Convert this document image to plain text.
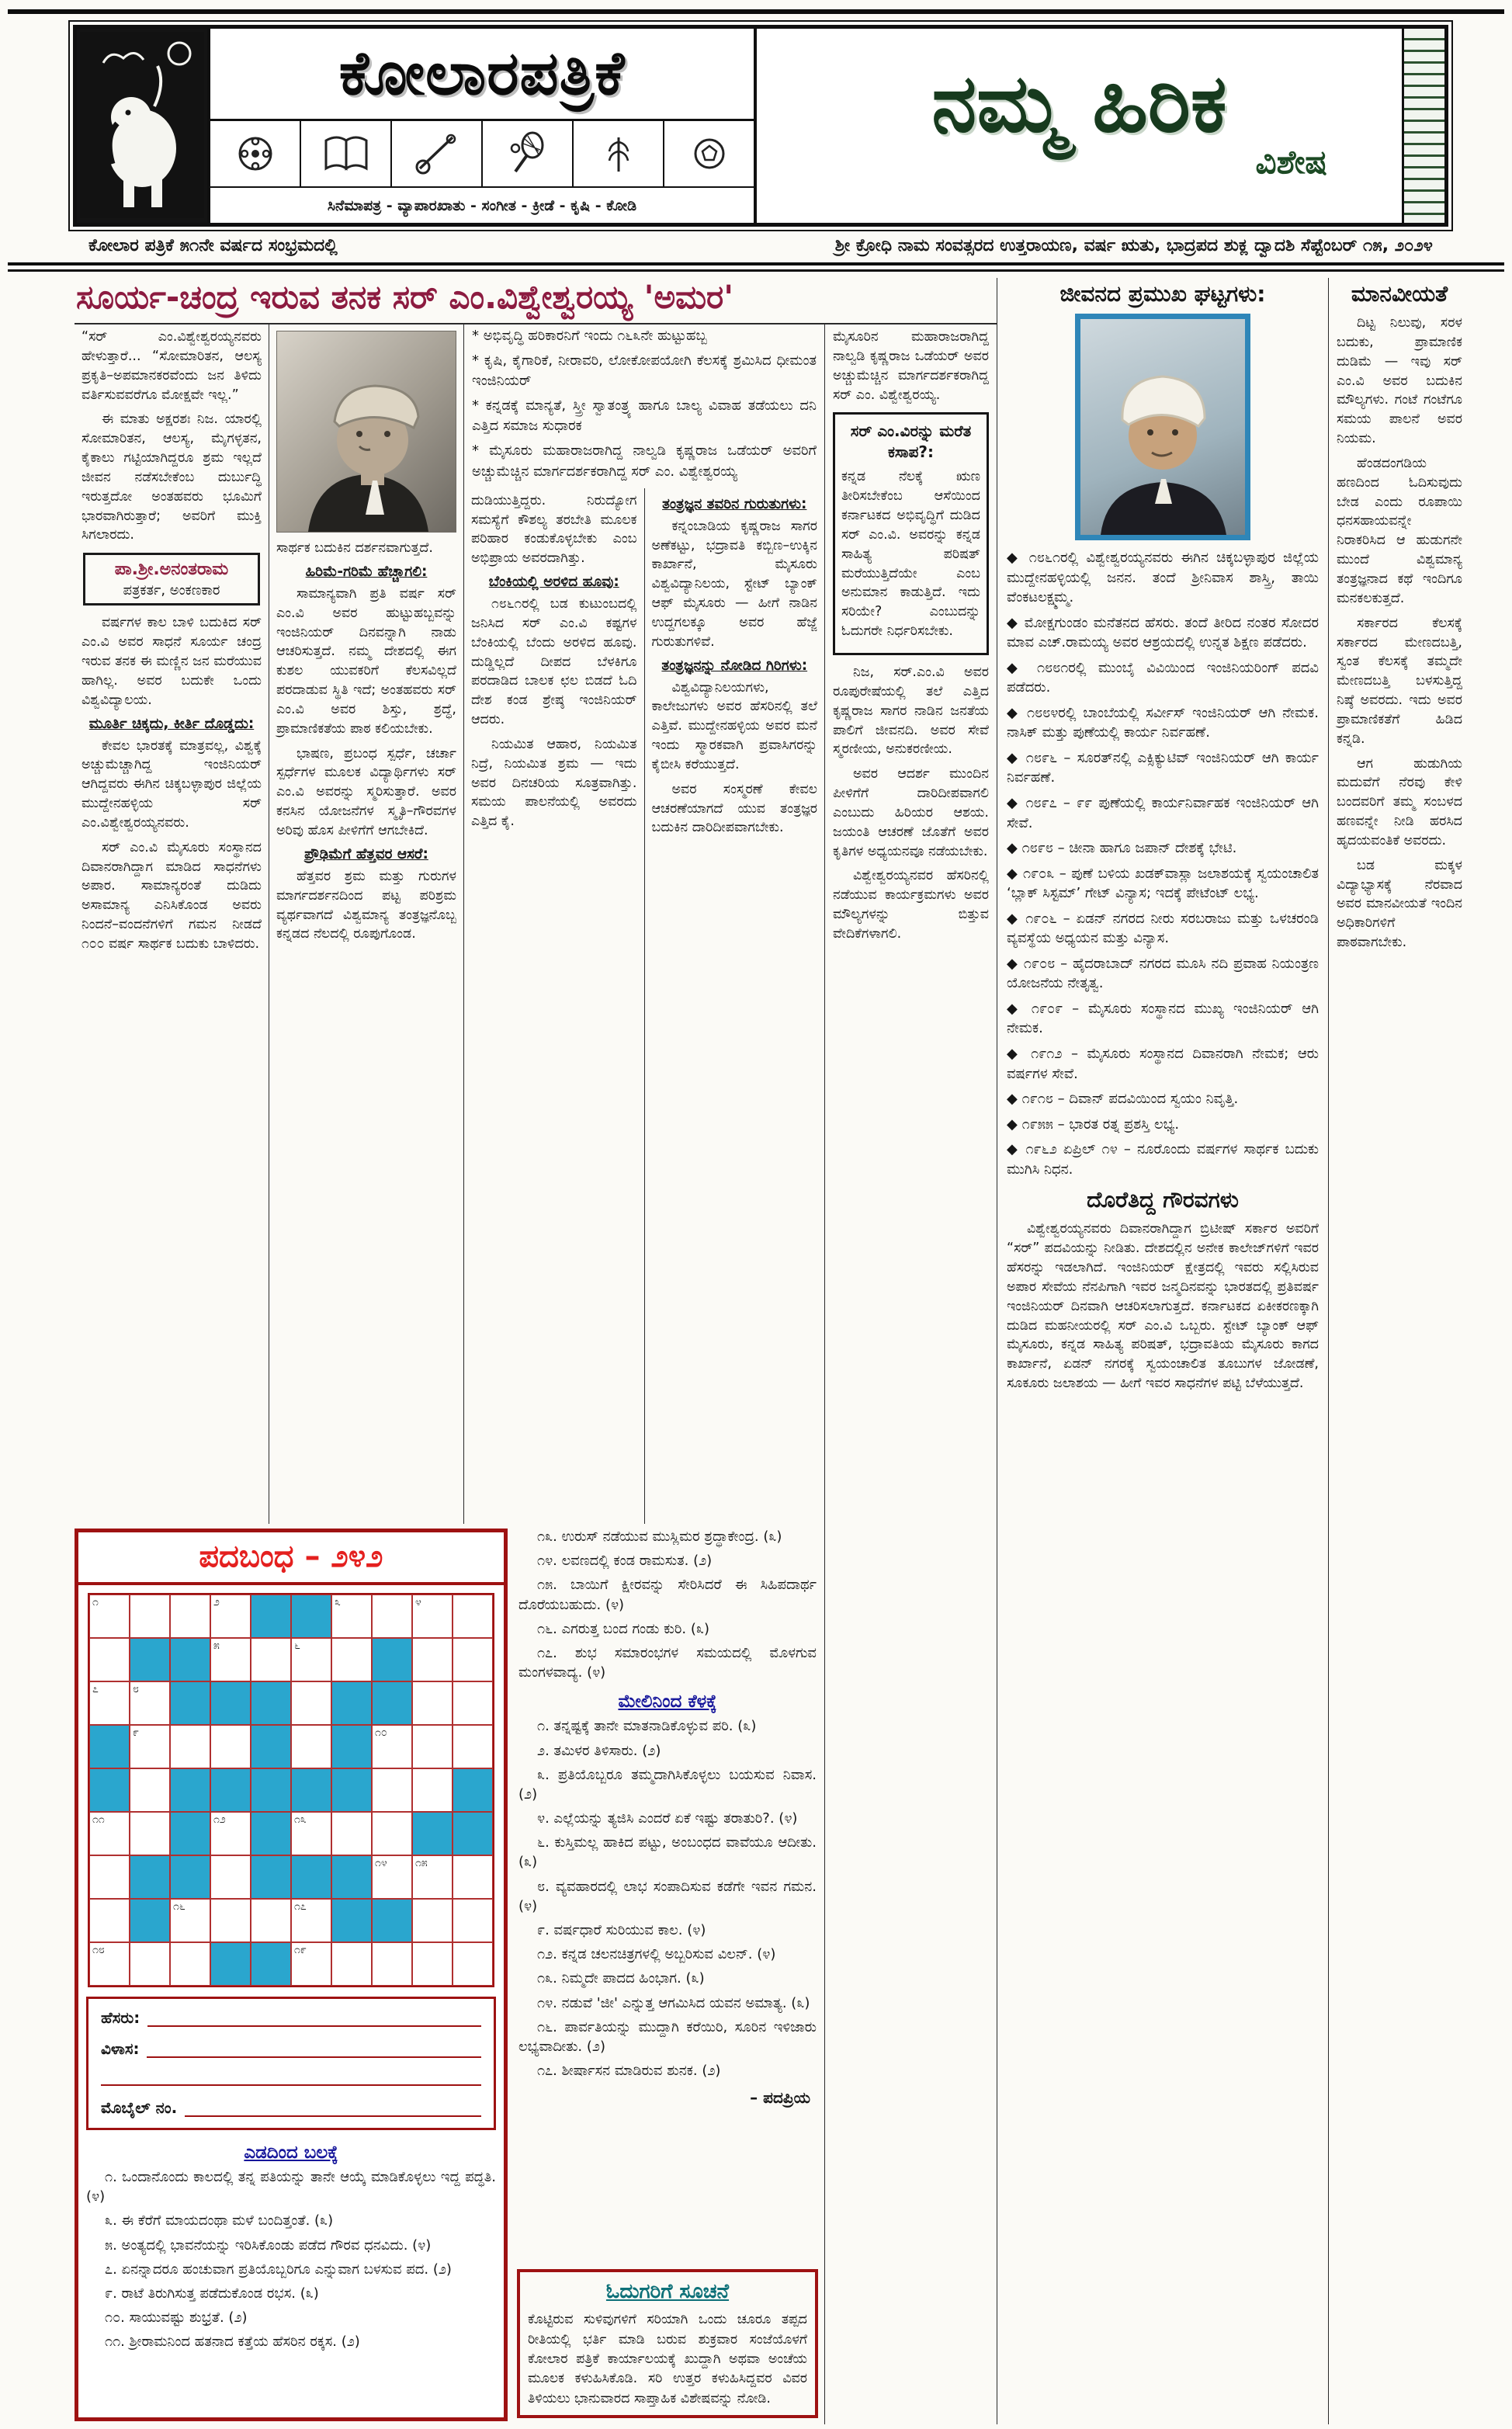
ಕೋಲಾರಪತ್ರಿಕೆ
ಸಿನೆಮಾಪತ್ರ - ವ್ಯಾಪಾರಖಾತು - ಸಂಗೀತ - ಕ್ರೀಡೆ - ಕೃಷಿ - ಕೋಡಿ
ನಮ್ಮ ಹಿರಿಕ
ವಿಶೇಷ
ಕೋಲಾರ ಪತ್ರಿಕೆ ೫೧ನೇ ವರ್ಷದ ಸಂಭ್ರಮದಲ್ಲಿ	ಶ್ರೀ ಕ್ರೋಧಿ ನಾಮ ಸಂವತ್ಸರದ ಉತ್ತರಾಯಣ, ವರ್ಷ ಋತು, ಭಾದ್ರಪದ ಶುಕ್ಲ ದ್ವಾದಶಿ ಸೆಪ್ಟೆಂಬರ್ ೧೫, ೨೦೨೪
ಸೂರ್ಯ-ಚಂದ್ರ ಇರುವ ತನಕ ಸರ್ ಎಂ.ವಿಶ್ವೇಶ್ವರಯ್ಯ 'ಅಮರ'

“ಸರ್ ಎಂ.ವಿಶ್ವೇಶ್ವರಯ್ಯನವರು ಹೇಳುತ್ತಾರೆ... “ಸೋಮಾರಿತನ, ಆಲಸ್ಯ ಪ್ರಕೃತಿ–ಅಪಮಾನಕರವೆಂದು ಜನ ತಿಳಿದು ವರ್ತಿಸುವವರೆಗೂ ಮೋಕ್ಷವೇ ಇಲ್ಲ.”

ಈ ಮಾತು ಅಕ್ಷರಶಃ ನಿಜ. ಯಾರಲ್ಲಿ ಸೋಮಾರಿತನ, ಆಲಸ್ಯ, ಮೈಗಳ್ಳತನ, ಕೈಕಾಲು ಗಟ್ಟಿಯಾಗಿದ್ದರೂ ಶ್ರಮ ಇಲ್ಲದೆ ಜೀವನ ನಡೆಸಬೇಕೆಂಬ ದುರ್ಬುದ್ಧಿ ಇರುತ್ತದೋ ಅಂತಹವರು ಭೂಮಿಗೆ ಭಾರವಾಗಿರುತ್ತಾರೆ; ಅವರಿಗೆ ಮುಕ್ತಿ ಸಿಗಲಾರದು.

ಪಾ.ಶ್ರೀ.ಅನಂತರಾಮ
ಪತ್ರಕರ್ತ, ಅಂಕಣಕಾರ

ವರ್ಷಗಳ ಕಾಲ ಬಾಳಿ ಬದುಕಿದ ಸರ್ ಎಂ.ವಿ ಅವರ ಸಾಧನೆ ಸೂರ್ಯ ಚಂದ್ರ ಇರುವ ತನಕ ಈ ಮಣ್ಣಿನ ಜನ ಮರೆಯುವ ಹಾಗಿಲ್ಲ. ಅವರ ಬದುಕೇ ಒಂದು ವಿಶ್ವವಿದ್ಯಾಲಯ.

ಮೂರ್ತಿ ಚಿಕ್ಕದು, ಕೀರ್ತಿ ದೊಡ್ಡದು:

ಕೇವಲ ಭಾರತಕ್ಕೆ ಮಾತ್ರವಲ್ಲ, ವಿಶ್ವಕ್ಕೆ ಅಚ್ಚುಮೆಚ್ಚಾಗಿದ್ದ ಇಂಜಿನಿಯರ್ ಆಗಿದ್ದವರು ಈಗಿನ ಚಿಕ್ಕಬಳ್ಳಾಪುರ ಜಿಲ್ಲೆಯ ಮುದ್ದೇನಹಳ್ಳಿಯ ಸರ್ ಎಂ.ವಿಶ್ವೇಶ್ವರಯ್ಯನವರು.

ಸರ್ ಎಂ.ವಿ ಮೈಸೂರು ಸಂಸ್ಥಾನದ ದಿವಾನರಾಗಿದ್ದಾಗ ಮಾಡಿದ ಸಾಧನೆಗಳು ಅಪಾರ. ಸಾಮಾನ್ಯರಂತೆ ದುಡಿದು ಅಸಾಮಾನ್ಯ ಎನಿಸಿಕೊಂಡ ಅವರು ನಿಂದನೆ–ವಂದನೆಗಳಿಗೆ ಗಮನ ನೀಡದೆ ೧೦೦ ವರ್ಷ ಸಾರ್ಥಕ ಬದುಕು ಬಾಳಿದರು.

ಸಾರ್ಥಕ ಬದುಕಿನ ದರ್ಶನವಾಗುತ್ತದೆ.

ಹಿರಿಮೆ-ಗರಿಮೆ ಹೆಚ್ಚಾಗಲಿ:

ಸಾಮಾನ್ಯವಾಗಿ ಪ್ರತಿ ವರ್ಷ ಸರ್ ಎಂ.ವಿ ಅವರ ಹುಟ್ಟುಹಬ್ಬವನ್ನು ಇಂಜಿನಿಯರ್ ದಿನವನ್ನಾಗಿ ನಾಡು ಆಚರಿಸುತ್ತದೆ. ನಮ್ಮ ದೇಶದಲ್ಲಿ ಈಗ ಕುಶಲ ಯುವಕರಿಗೆ ಕೆಲಸವಿಲ್ಲದೆ ಪರದಾಡುವ ಸ್ಥಿತಿ ಇದೆ; ಅಂತಹವರು ಸರ್ ಎಂ.ವಿ ಅವರ ಶಿಸ್ತು, ಶ್ರದ್ಧೆ, ಪ್ರಾಮಾಣಿಕತೆಯ ಪಾಠ ಕಲಿಯಬೇಕು.

ಭಾಷಣ, ಪ್ರಬಂಧ ಸ್ಪರ್ಧೆ, ಚರ್ಚಾ ಸ್ಪರ್ಧೆಗಳ ಮೂಲಕ ವಿದ್ಯಾರ್ಥಿಗಳು ಸರ್ ಎಂ.ವಿ ಅವರನ್ನು ಸ್ಮರಿಸುತ್ತಾರೆ. ಅವರ ಕನಸಿನ ಯೋಜನೆಗಳ ಸ್ಮೃತಿ–ಗೌರವಗಳ ಅರಿವು ಹೊಸ ಪೀಳಿಗೆಗೆ ಆಗಬೇಕಿದೆ.

ಪ್ರೌಢಿಮೆಗೆ ಹೆತ್ತವರ ಆಸರೆ:

ಹೆತ್ತವರ ಶ್ರಮ ಮತ್ತು ಗುರುಗಳ ಮಾರ್ಗದರ್ಶನದಿಂದ ಪಟ್ಟ ಪರಿಶ್ರಮ ವ್ಯರ್ಥವಾಗದೆ ವಿಶ್ವಮಾನ್ಯ ತಂತ್ರಜ್ಞನೊಬ್ಬ ಕನ್ನಡದ ನೆಲದಲ್ಲಿ ರೂಪುಗೊಂಡ.

* ಅಭಿವೃದ್ಧಿ ಹರಿಕಾರನಿಗೆ ಇಂದು ೧೬೩ನೇ ಹುಟ್ಟುಹಬ್ಬ
* ಕೃಷಿ, ಕೈಗಾರಿಕೆ, ನೀರಾವರಿ, ಲೋಕೋಪಯೋಗಿ ಕೆಲಸಕ್ಕೆ ಶ್ರಮಿಸಿದ ಧೀಮಂತ ಇಂಜಿನಿಯರ್
* ಕನ್ನಡಕ್ಕೆ ಮಾನ್ಯತೆ, ಸ್ತ್ರೀ ಸ್ವಾತಂತ್ರ್ಯ ಹಾಗೂ ಬಾಲ್ಯ ವಿವಾಹ ತಡೆಯಲು ದನಿ ಎತ್ತಿದ ಸಮಾಜ ಸುಧಾರಕ
* ಮೈಸೂರು ಮಹಾರಾಜರಾಗಿದ್ದ ನಾಲ್ವಡಿ ಕೃಷ್ಣರಾಜ ಒಡೆಯರ್ ಅವರಿಗೆ ಅಚ್ಚುಮೆಚ್ಚಿನ ಮಾರ್ಗದರ್ಶಕರಾಗಿದ್ದ ಸರ್ ಎಂ. ವಿಶ್ವೇಶ್ವರಯ್ಯ

ದುಡಿಯುತ್ತಿದ್ದರು. ನಿರುದ್ಯೋಗ ಸಮಸ್ಯೆಗೆ ಕೌಶಲ್ಯ ತರಬೇತಿ ಮೂಲಕ ಪರಿಹಾರ ಕಂಡುಕೊಳ್ಳಬೇಕು ಎಂಬ ಅಭಿಪ್ರಾಯ ಅವರದಾಗಿತ್ತು.

ಬೆಂಕಿಯಲ್ಲಿ ಅರಳಿದ ಹೂವು:

೧೮೬೧ರಲ್ಲಿ ಬಡ ಕುಟುಂಬದಲ್ಲಿ ಜನಿಸಿದ ಸರ್ ಎಂ.ವಿ ಕಷ್ಟಗಳ ಬೆಂಕಿಯಲ್ಲಿ ಬೆಂದು ಅರಳಿದ ಹೂವು. ದುಡ್ಡಿಲ್ಲದೆ ದೀಪದ ಬೆಳಕಿಗೂ ಪರದಾಡಿದ ಬಾಲಕ ಛಲ ಬಿಡದೆ ಓದಿ ದೇಶ ಕಂಡ ಶ್ರೇಷ್ಠ ಇಂಜಿನಿಯರ್ ಆದರು.

ನಿಯಮಿತ ಆಹಾರ, ನಿಯಮಿತ ನಿದ್ರೆ, ನಿಯಮಿತ ಶ್ರಮ — ಇದು ಅವರ ದಿನಚರಿಯ ಸೂತ್ರವಾಗಿತ್ತು. ಸಮಯ ಪಾಲನೆಯಲ್ಲಿ ಅವರದು ಎತ್ತಿದ ಕೈ.

ತಂತ್ರಜ್ಞನ ತವರಿನ ಗುರುತುಗಳು:

ಕನ್ನಂಬಾಡಿಯ ಕೃಷ್ಣರಾಜ ಸಾಗರ ಅಣೆಕಟ್ಟು, ಭದ್ರಾವತಿ ಕಬ್ಬಿಣ–ಉಕ್ಕಿನ ಕಾರ್ಖಾನೆ, ಮೈಸೂರು ವಿಶ್ವವಿದ್ಯಾನಿಲಯ, ಸ್ಟೇಟ್ ಬ್ಯಾಂಕ್ ಆಫ್ ಮೈಸೂರು — ಹೀಗೆ ನಾಡಿನ ಉದ್ದಗಲಕ್ಕೂ ಅವರ ಹೆಜ್ಜೆ ಗುರುತುಗಳಿವೆ.

ತಂತ್ರಜ್ಞನನ್ನು ನೋಡಿದ ಗಿರಿಗಳು:

ವಿಶ್ವವಿದ್ಯಾನಿಲಯಗಳು, ಕಾಲೇಜುಗಳು ಅವರ ಹೆಸರಿನಲ್ಲಿ ತಲೆ ಎತ್ತಿವೆ. ಮುದ್ದೇನಹಳ್ಳಿಯ ಅವರ ಮನೆ ಇಂದು ಸ್ಮಾರಕವಾಗಿ ಪ್ರವಾಸಿಗರನ್ನು ಕೈಬೀಸಿ ಕರೆಯುತ್ತದೆ.

ಅವರ ಸಂಸ್ಮರಣೆ ಕೇವಲ ಆಚರಣೆಯಾಗದೆ ಯುವ ತಂತ್ರಜ್ಞರ ಬದುಕಿನ ದಾರಿದೀಪವಾಗಬೇಕು.

ಪದಬಂಧ – ೨೪೨
೧	೨	೩	೪
೫	೬
೭	೮
೯	೧೦
೧೧	೧೨	೧೩
೧೪	೧೫
೧೬	೧೭
೧೮	೧೯
ಹೆಸರು:
ವಿಳಾಸ:
ಮೊಬೈಲ್ ನಂ.
ಎಡದಿಂದ ಬಲಕ್ಕೆ
೧. ಒಂದಾನೊಂದು ಕಾಲದಲ್ಲಿ ತನ್ನ ಪತಿಯನ್ನು ತಾನೇ ಆಯ್ಕೆ ಮಾಡಿಕೊಳ್ಳಲು ಇದ್ದ ಪದ್ಧತಿ. (೪)
೩. ಈ ಕೆರೆಗೆ ಮಾಯದಂಥಾ ಮಳೆ ಬಂದಿತ್ತಂತೆ. (೩)
೫. ಅಂತ್ಯದಲ್ಲಿ ಭಾವನೆಯನ್ನು ಇರಿಸಿಕೊಂಡು ಪಡೆದ ಗೌರವ ಧನವಿದು. (೪)
೭. ಏನನ್ನಾದರೂ ಹಂಚುವಾಗ ಪ್ರತಿಯೊಬ್ಬರಿಗೂ ಎನ್ನುವಾಗ ಬಳಸುವ ಪದ. (೨)
೯. ರಾಟೆ ತಿರುಗಿಸುತ್ತ ಪಡೆದುಕೊಂಡ ರಭಸ. (೩)
೧೦. ಸಾಯುವಷ್ಟು ಶುಭ್ರತೆ. (೨)
೧೧. ಶ್ರೀರಾಮನಿಂದ ಹತನಾದ ಕತ್ತೆಯ ಹೆಸರಿನ ರಕ್ಕಸ. (೨)
೧೩. ಉರುಸ್ ನಡೆಯುವ ಮುಸ್ಲಿಮರ ಶ್ರದ್ಧಾಕೇಂದ್ರ. (೩)
೧೪. ಲವಣದಲ್ಲಿ ಕಂಡ ರಾಮಸುತ. (೨)
೧೫. ಬಾಯಿಗೆ ಕ್ಷೀರವನ್ನು ಸೇರಿಸಿದರೆ ಈ ಸಿಹಿಪದಾರ್ಥ ದೊರೆಯಬಹುದು. (೪)
೧೬. ಎಗರುತ್ತ ಬಂದ ಗಂಡು ಕುರಿ. (೩)
೧೭. ಶುಭ ಸಮಾರಂಭಗಳ ಸಮಯದಲ್ಲಿ ಮೊಳಗುವ ಮಂಗಳವಾದ್ಯ. (೪)
ಮೇಲಿನಿಂದ ಕೆಳಕ್ಕೆ
೧. ತನ್ನಷ್ಟಕ್ಕೆ ತಾನೇ ಮಾತನಾಡಿಕೊಳ್ಳುವ ಪರಿ. (೩)
೨. ತಮಿಳರ ತಿಳಿಸಾರು. (೨)
೩. ಪ್ರತಿಯೊಬ್ಬರೂ ತಮ್ಮದಾಗಿಸಿಕೊಳ್ಳಲು ಬಯಸುವ ನಿವಾಸ. (೨)
೪. ಎಲ್ಲೆಯನ್ನು ತ್ಯಜಿಸಿ ಎಂದರೆ ಏಕೆ ಇಷ್ಟು ತರಾತುರಿ?. (೪)
೬. ಕುಸ್ತಿಮಲ್ಲ ಹಾಕಿದ ಪಟ್ಟು, ಅಂಬಂಧದ ವಾವೆಯೂ ಆದೀತು. (೩)
೮. ವ್ಯವಹಾರದಲ್ಲಿ ಲಾಭ ಸಂಪಾದಿಸುವ ಕಡೆಗೇ ಇವನ ಗಮನ. (೪)
೯. ವರ್ಷಧಾರೆ ಸುರಿಯುವ ಕಾಲ. (೪)
೧೨. ಕನ್ನಡ ಚಲನಚಿತ್ರಗಳಲ್ಲಿ ಅಬ್ಬರಿಸುವ ವಿಲನ್. (೪)
೧೩. ನಿಮ್ಮದೇ ಪಾದದ ಹಿಂಭಾಗ. (೩)
೧೪. ನಡುವೆ 'ಜೀ' ಎನ್ನುತ್ತ ಆಗಮಿಸಿದ ಯವನ ಅಮಾತ್ಯ. (೩)
೧೬. ಪಾರ್ವತಿಯನ್ನು ಮುದ್ದಾಗಿ ಕರೆಯಿರಿ, ಸೂರಿನ ಇಳಿಜಾರು ಲಭ್ಯವಾದೀತು. (೨)
೧೭. ಶೀರ್ಷಾಸನ ಮಾಡಿರುವ ಶುನಕ. (೨)
– ಪದಪ್ರಿಯ
ಓದುಗರಿಗೆ ಸೂಚನೆ

ಕೊಟ್ಟಿರುವ ಸುಳಿವುಗಳಿಗೆ ಸರಿಯಾಗಿ ಒಂದು ಚೂರೂ ತಪ್ಪದ ರೀತಿಯಲ್ಲಿ ಭರ್ತಿ ಮಾಡಿ ಬರುವ ಶುಕ್ರವಾರ ಸಂಜೆಯೊಳಗೆ ಕೋಲಾರ ಪತ್ರಿಕೆ ಕಾರ್ಯಾಲಯಕ್ಕೆ ಖುದ್ದಾಗಿ ಅಥವಾ ಅಂಚೆಯ ಮೂಲಕ ಕಳುಹಿಸಿಕೊಡಿ. ಸರಿ ಉತ್ತರ ಕಳುಹಿಸಿದ್ದವರ ವಿವರ ತಿಳಿಯಲು ಭಾನುವಾರದ ಸಾಪ್ತಾಹಿಕ ವಿಶೇಷವನ್ನು ನೋಡಿ.

ಮೈಸೂರಿನ ಮಹಾರಾಜರಾಗಿದ್ದ ನಾಲ್ವಡಿ ಕೃಷ್ಣರಾಜ ಒಡೆಯರ್ ಅವರ ಅಚ್ಚುಮೆಚ್ಚಿನ ಮಾರ್ಗದರ್ಶಕರಾಗಿದ್ದ ಸರ್ ಎಂ. ವಿಶ್ವೇಶ್ವರಯ್ಯ.

ಸರ್ ಎಂ.ವಿರನ್ನು ಮರೆತ ಕಸಾಪ?:

ಕನ್ನಡ ನೆಲಕ್ಕೆ ಋಣ ತೀರಿಸಬೇಕೆಂಬ ಆಸೆಯಿಂದ ಕರ್ನಾಟಕದ ಅಭಿವೃದ್ಧಿಗೆ ದುಡಿದ ಸರ್ ಎಂ.ವಿ. ಅವರನ್ನು ಕನ್ನಡ ಸಾಹಿತ್ಯ ಪರಿಷತ್ ಮರೆಯುತ್ತಿದೆಯೇ ಎಂಬ ಅನುಮಾನ ಕಾಡುತ್ತಿದೆ. ಇದು ಸರಿಯೇ? ಎಂಬುದನ್ನು ಓದುಗರೇ ನಿರ್ಧರಿಸಬೇಕು.

ನಿಜ, ಸರ್.ಎಂ.ವಿ ಅವರ ರೂಪುರೇಷೆಯಲ್ಲಿ ತಲೆ ಎತ್ತಿದ ಕೃಷ್ಣರಾಜ ಸಾಗರ ನಾಡಿನ ಜನತೆಯ ಪಾಲಿಗೆ ಜೀವನದಿ. ಅವರ ಸೇವೆ ಸ್ಮರಣೀಯ, ಅನುಕರಣೀಯ.

ಅವರ ಆದರ್ಶ ಮುಂದಿನ ಪೀಳಿಗೆಗೆ ದಾರಿದೀಪವಾಗಲಿ ಎಂಬುದು ಹಿರಿಯರ ಆಶಯ. ಜಯಂತಿ ಆಚರಣೆ ಜೊತೆಗೆ ಅವರ ಕೃತಿಗಳ ಅಧ್ಯಯನವೂ ನಡೆಯಬೇಕು.

ವಿಶ್ವೇಶ್ವರಯ್ಯನವರ ಹೆಸರಿನಲ್ಲಿ ನಡೆಯುವ ಕಾರ್ಯಕ್ರಮಗಳು ಅವರ ಮೌಲ್ಯಗಳನ್ನು ಬಿತ್ತುವ ವೇದಿಕೆಗಳಾಗಲಿ.

ಜೀವನದ ಪ್ರಮುಖ ಘಟ್ಟಗಳು:
◆ ೧೮೬೧ರಲ್ಲಿ ವಿಶ್ವೇಶ್ವರಯ್ಯನವರು ಈಗಿನ ಚಿಕ್ಕಬಳ್ಳಾಪುರ ಜಿಲ್ಲೆಯ ಮುದ್ದೇನಹಳ್ಳಿಯಲ್ಲಿ ಜನನ. ತಂದೆ ಶ್ರೀನಿವಾಸ ಶಾಸ್ತ್ರಿ, ತಾಯಿ ವೆಂಕಟಲಕ್ಷ್ಮಮ್ಮ.
◆ ಮೋಕ್ಷಗುಂಡಂ ಮನೆತನದ ಹೆಸರು. ತಂದೆ ತೀರಿದ ನಂತರ ಸೋದರ ಮಾವ ಎಚ್.ರಾಮಯ್ಯ ಅವರ ಆಶ್ರಯದಲ್ಲಿ ಉನ್ನತ ಶಿಕ್ಷಣ ಪಡೆದರು.
◆ ೧೮೮೧ರಲ್ಲಿ ಮುಂಬೈ ವಿವಿಯಿಂದ ಇಂಜಿನಿಯರಿಂಗ್ ಪದವಿ ಪಡೆದರು.
◆ ೧೮೮೪ರಲ್ಲಿ ಬಾಂಬೆಯಲ್ಲಿ ಸರ್ವೀಸ್ ಇಂಜಿನಿಯರ್ ಆಗಿ ನೇಮಕ. ನಾಸಿಕ್ ಮತ್ತು ಪುಣೆಯಲ್ಲಿ ಕಾರ್ಯ ನಿರ್ವಹಣೆ.
◆ ೧೮೯೬ – ಸೂರತ್‌ನಲ್ಲಿ ಎಕ್ಸಿಕ್ಯುಟಿವ್ ಇಂಜಿನಿಯರ್ ಆಗಿ ಕಾರ್ಯ ನಿರ್ವಹಣೆ.
◆ ೧೮೯೭ – ೯೯ ಪುಣೆಯಲ್ಲಿ ಕಾರ್ಯನಿರ್ವಾಹಕ ಇಂಜಿನಿಯರ್ ಆಗಿ ಸೇವೆ.
◆ ೧೮೯೮ – ಚೀನಾ ಹಾಗೂ ಜಪಾನ್ ದೇಶಕ್ಕೆ ಭೇಟಿ.
◆ ೧೯೦೩ – ಪುಣೆ ಬಳಿಯ ಖಡಕ್‌ವಾಸ್ಲಾ ಜಲಾಶಯಕ್ಕೆ ಸ್ವಯಂಚಾಲಿತ ‘ಬ್ಲಾಕ್ ಸಿಸ್ಟಮ್’ ಗೇಟ್ ವಿನ್ಯಾಸ; ಇದಕ್ಕೆ ಪೇಟೆಂಟ್ ಲಭ್ಯ.
◆ ೧೯೦೬ – ಏಡನ್ ನಗರದ ನೀರು ಸರಬರಾಜು ಮತ್ತು ಒಳಚರಂಡಿ ವ್ಯವಸ್ಥೆಯ ಅಧ್ಯಯನ ಮತ್ತು ವಿನ್ಯಾಸ.
◆ ೧೯೦೮ – ಹೈದರಾಬಾದ್ ನಗರದ ಮೂಸಿ ನದಿ ಪ್ರವಾಹ ನಿಯಂತ್ರಣ ಯೋಜನೆಯ ನೇತೃತ್ವ.
◆ ೧೯೦೯ – ಮೈಸೂರು ಸಂಸ್ಥಾನದ ಮುಖ್ಯ ಇಂಜಿನಿಯರ್ ಆಗಿ ನೇಮಕ.
◆ ೧೯೧೨ – ಮೈಸೂರು ಸಂಸ್ಥಾನದ ದಿವಾನರಾಗಿ ನೇಮಕ; ಆರು ವರ್ಷಗಳ ಸೇವೆ.
◆ ೧೯೧೮ – ದಿವಾನ್ ಪದವಿಯಿಂದ ಸ್ವಯಂ ನಿವೃತ್ತಿ.
◆ ೧೯೫೫ – ಭಾರತ ರತ್ನ ಪ್ರಶಸ್ತಿ ಲಭ್ಯ.
◆ ೧೯೬೨ ಏಪ್ರಿಲ್ ೧೪ – ನೂರೊಂದು ವರ್ಷಗಳ ಸಾರ್ಥಕ ಬದುಕು ಮುಗಿಸಿ ನಿಧನ.
ದೊರೆತಿದ್ದ ಗೌರವಗಳು

ವಿಶ್ವೇಶ್ವರಯ್ಯನವರು ದಿವಾನರಾಗಿದ್ದಾಗ ಬ್ರಿಟೀಷ್ ಸರ್ಕಾರ ಅವರಿಗೆ “ಸರ್” ಪದವಿಯನ್ನು ನೀಡಿತು. ದೇಶದಲ್ಲಿನ ಅನೇಕ ಕಾಲೇಜ್‌ಗಳಿಗೆ ಇವರ ಹೆಸರನ್ನು ಇಡಲಾಗಿದೆ. ಇಂಜಿನಿಯರ್ ಕ್ಷೇತ್ರದಲ್ಲಿ ಇವರು ಸಲ್ಲಿಸಿರುವ ಅಪಾರ ಸೇವೆಯ ನೆನಪಿಗಾಗಿ ಇವರ ಜನ್ಮದಿನವನ್ನು ಭಾರತದಲ್ಲಿ ಪ್ರತಿವರ್ಷ ಇಂಜಿನಿಯರ್ ದಿನವಾಗಿ ಆಚರಿಸಲಾಗುತ್ತದೆ. ಕರ್ನಾಟಕದ ಏಕೀಕರಣಕ್ಕಾಗಿ ದುಡಿದ ಮಹನೀಯರಲ್ಲಿ ಸರ್ ಎಂ.ವಿ ಒಬ್ಬರು. ಸ್ಟೇಟ್ ಬ್ಯಾಂಕ್ ಆಫ್ ಮೈಸೂರು, ಕನ್ನಡ ಸಾಹಿತ್ಯ ಪರಿಷತ್, ಭದ್ರಾವತಿಯ ಮೈಸೂರು ಕಾಗದ ಕಾರ್ಖಾನೆ, ಏಡನ್ ನಗರಕ್ಕೆ ಸ್ವಯಂಚಾಲಿತ ತೂಬುಗಳ ಜೋಡಣೆ, ಸೂಕೂರು ಜಲಾಶಯ — ಹೀಗೆ ಇವರ ಸಾಧನೆಗಳ ಪಟ್ಟಿ ಬೆಳೆಯುತ್ತದೆ.

ಮಾನವೀಯತೆ

ದಿಟ್ಟ ನಿಲುವು, ಸರಳ ಬದುಕು, ಪ್ರಾಮಾಣಿಕ ದುಡಿಮೆ — ಇವು ಸರ್ ಎಂ.ವಿ ಅವರ ಬದುಕಿನ ಮೌಲ್ಯಗಳು. ಗಂಟೆ ಗಂಟೆಗೂ ಸಮಯ ಪಾಲನೆ ಅವರ ನಿಯಮ.

ಹೆಂಡದಂಗಡಿಯ ಹಣದಿಂದ ಓದಿಸುವುದು ಬೇಡ ಎಂದು ರೂಪಾಯಿ ಧನಸಹಾಯವನ್ನೇ ನಿರಾಕರಿಸಿದ ಆ ಹುಡುಗನೇ ಮುಂದೆ ವಿಶ್ವಮಾನ್ಯ ತಂತ್ರಜ್ಞನಾದ ಕಥೆ ಇಂದಿಗೂ ಮನಕಲಕುತ್ತದೆ.

ಸರ್ಕಾರದ ಕೆಲಸಕ್ಕೆ ಸರ್ಕಾರದ ಮೇಣದಬತ್ತಿ, ಸ್ವಂತ ಕೆಲಸಕ್ಕೆ ತಮ್ಮದೇ ಮೇಣದಬತ್ತಿ ಬಳಸುತ್ತಿದ್ದ ನಿಷ್ಠೆ ಅವರದು. ಇದು ಅವರ ಪ್ರಾಮಾಣಿಕತೆಗೆ ಹಿಡಿದ ಕನ್ನಡಿ.

ಆಗ ಹುಡುಗಿಯ ಮದುವೆಗೆ ನೆರವು ಕೇಳಿ ಬಂದವರಿಗೆ ತಮ್ಮ ಸಂಬಳದ ಹಣವನ್ನೇ ನೀಡಿ ಹರಸಿದ ಹೃದಯವಂತಿಕೆ ಅವರದು.

ಬಡ ಮಕ್ಕಳ ವಿದ್ಯಾಭ್ಯಾಸಕ್ಕೆ ನೆರವಾದ ಅವರ ಮಾನವೀಯತೆ ಇಂದಿನ ಅಧಿಕಾರಿಗಳಿಗೆ ಪಾಠವಾಗಬೇಕು.
